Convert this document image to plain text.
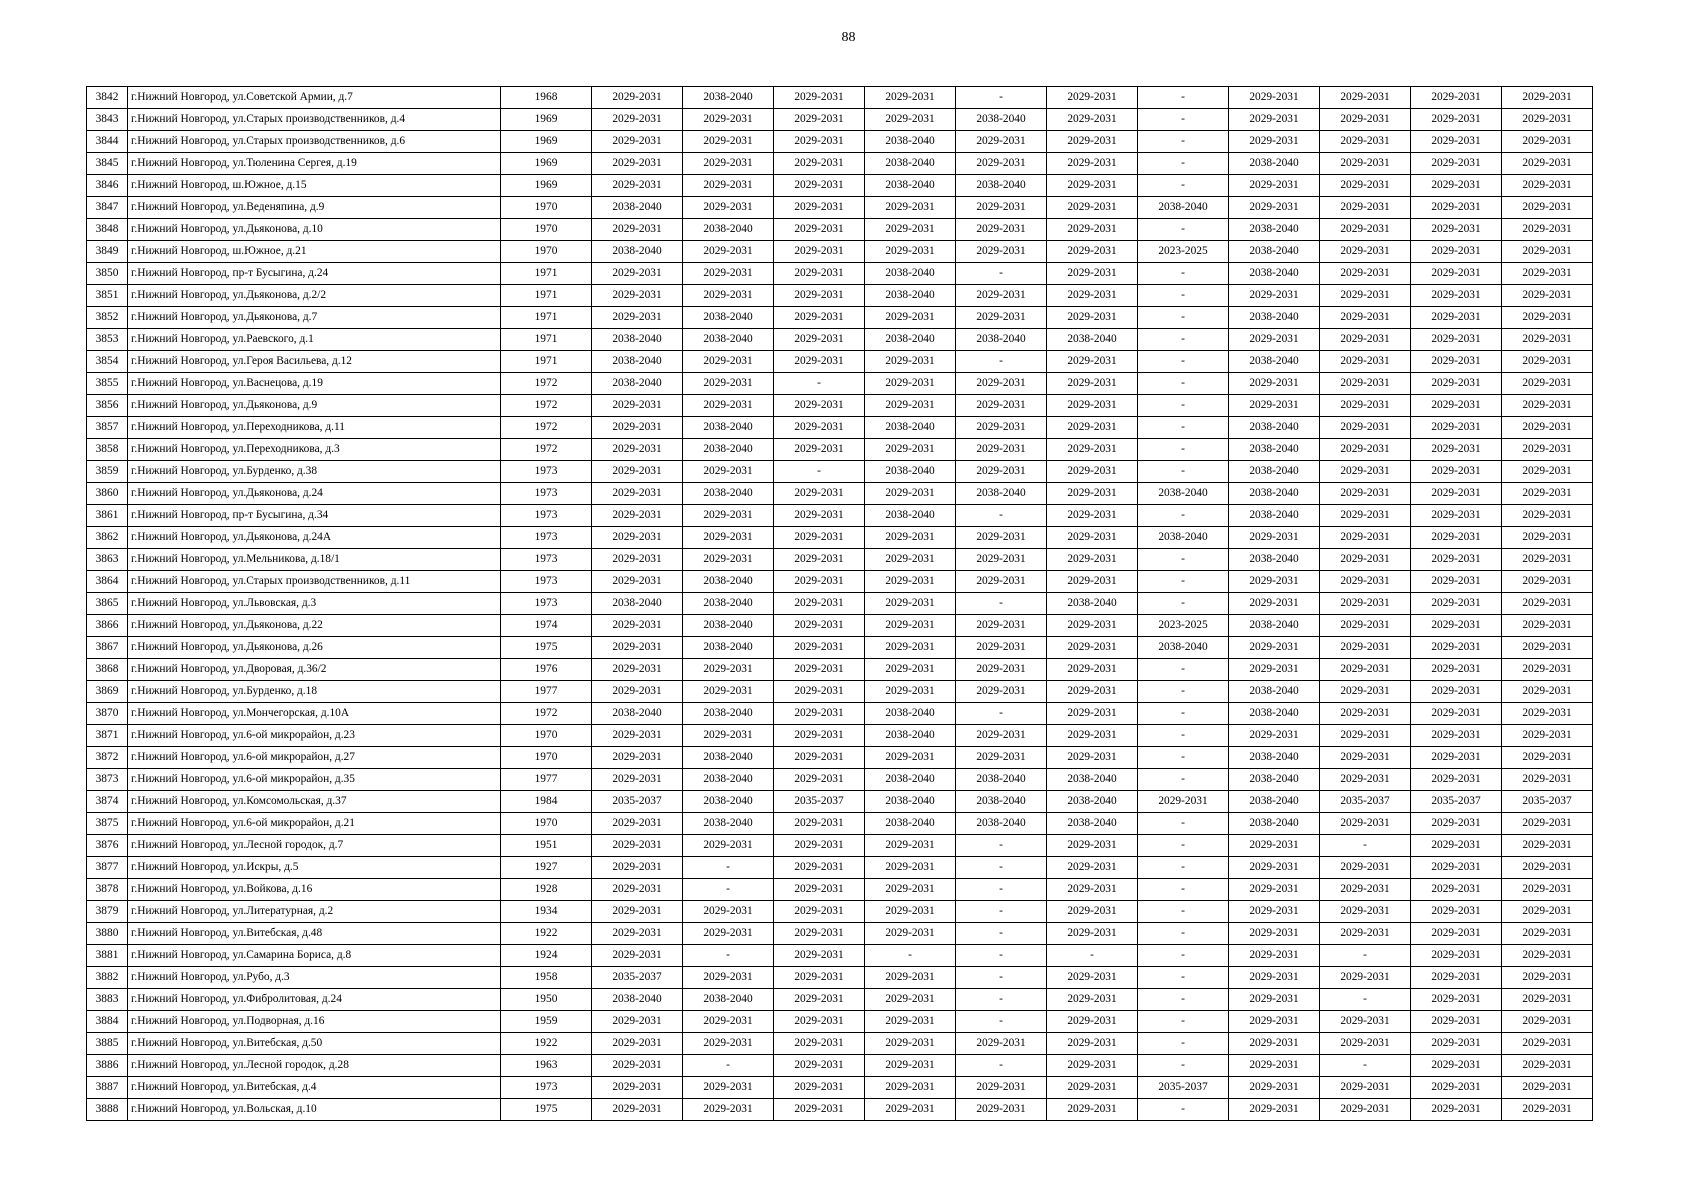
88
3842	г.Нижний Новгород, ул.Советской Армии, д.7	1968	2029-2031	2038-2040	2029-2031	2029-2031	-	2029-2031	-	2029-2031	2029-2031	2029-2031	2029-2031
3843	г.Нижний Новгород, ул.Старых производственников, д.4	1969	2029-2031	2029-2031	2029-2031	2029-2031	2038-2040	2029-2031	-	2029-2031	2029-2031	2029-2031	2029-2031
3844	г.Нижний Новгород, ул.Старых производственников, д.6	1969	2029-2031	2029-2031	2029-2031	2038-2040	2029-2031	2029-2031	-	2029-2031	2029-2031	2029-2031	2029-2031
3845	г.Нижний Новгород, ул.Тюленина Сергея, д.19	1969	2029-2031	2029-2031	2029-2031	2038-2040	2029-2031	2029-2031	-	2038-2040	2029-2031	2029-2031	2029-2031
3846	г.Нижний Новгород, ш.Южное, д.15	1969	2029-2031	2029-2031	2029-2031	2038-2040	2038-2040	2029-2031	-	2029-2031	2029-2031	2029-2031	2029-2031
3847	г.Нижний Новгород, ул.Веденяпина, д.9	1970	2038-2040	2029-2031	2029-2031	2029-2031	2029-2031	2029-2031	2038-2040	2029-2031	2029-2031	2029-2031	2029-2031
3848	г.Нижний Новгород, ул.Дьяконова, д.10	1970	2029-2031	2038-2040	2029-2031	2029-2031	2029-2031	2029-2031	-	2038-2040	2029-2031	2029-2031	2029-2031
3849	г.Нижний Новгород, ш.Южное, д.21	1970	2038-2040	2029-2031	2029-2031	2029-2031	2029-2031	2029-2031	2023-2025	2038-2040	2029-2031	2029-2031	2029-2031
3850	г.Нижний Новгород, пр-т Бусыгина, д.24	1971	2029-2031	2029-2031	2029-2031	2038-2040	-	2029-2031	-	2038-2040	2029-2031	2029-2031	2029-2031
3851	г.Нижний Новгород, ул.Дьяконова, д.2/2	1971	2029-2031	2029-2031	2029-2031	2038-2040	2029-2031	2029-2031	-	2029-2031	2029-2031	2029-2031	2029-2031
3852	г.Нижний Новгород, ул.Дьяконова, д.7	1971	2029-2031	2038-2040	2029-2031	2029-2031	2029-2031	2029-2031	-	2038-2040	2029-2031	2029-2031	2029-2031
3853	г.Нижний Новгород, ул.Раевского, д.1	1971	2038-2040	2038-2040	2029-2031	2038-2040	2038-2040	2038-2040	-	2029-2031	2029-2031	2029-2031	2029-2031
3854	г.Нижний Новгород, ул.Героя Васильева, д.12	1971	2038-2040	2029-2031	2029-2031	2029-2031	-	2029-2031	-	2038-2040	2029-2031	2029-2031	2029-2031
3855	г.Нижний Новгород, ул.Васнецова, д.19	1972	2038-2040	2029-2031	-	2029-2031	2029-2031	2029-2031	-	2029-2031	2029-2031	2029-2031	2029-2031
3856	г.Нижний Новгород, ул.Дьяконова, д.9	1972	2029-2031	2029-2031	2029-2031	2029-2031	2029-2031	2029-2031	-	2029-2031	2029-2031	2029-2031	2029-2031
3857	г.Нижний Новгород, ул.Переходникова, д.11	1972	2029-2031	2038-2040	2029-2031	2038-2040	2029-2031	2029-2031	-	2038-2040	2029-2031	2029-2031	2029-2031
3858	г.Нижний Новгород, ул.Переходникова, д.3	1972	2029-2031	2038-2040	2029-2031	2029-2031	2029-2031	2029-2031	-	2038-2040	2029-2031	2029-2031	2029-2031
3859	г.Нижний Новгород, ул.Бурденко, д.38	1973	2029-2031	2029-2031	-	2038-2040	2029-2031	2029-2031	-	2038-2040	2029-2031	2029-2031	2029-2031
3860	г.Нижний Новгород, ул.Дьяконова, д.24	1973	2029-2031	2038-2040	2029-2031	2029-2031	2038-2040	2029-2031	2038-2040	2038-2040	2029-2031	2029-2031	2029-2031
3861	г.Нижний Новгород, пр-т Бусыгина, д.34	1973	2029-2031	2029-2031	2029-2031	2038-2040	-	2029-2031	-	2038-2040	2029-2031	2029-2031	2029-2031
3862	г.Нижний Новгород, ул.Дьяконова, д.24А	1973	2029-2031	2029-2031	2029-2031	2029-2031	2029-2031	2029-2031	2038-2040	2029-2031	2029-2031	2029-2031	2029-2031
3863	г.Нижний Новгород, ул.Мельникова, д.18/1	1973	2029-2031	2029-2031	2029-2031	2029-2031	2029-2031	2029-2031	-	2038-2040	2029-2031	2029-2031	2029-2031
3864	г.Нижний Новгород, ул.Старых производственников, д.11	1973	2029-2031	2038-2040	2029-2031	2029-2031	2029-2031	2029-2031	-	2029-2031	2029-2031	2029-2031	2029-2031
3865	г.Нижний Новгород, ул.Львовская, д.3	1973	2038-2040	2038-2040	2029-2031	2029-2031	-	2038-2040	-	2029-2031	2029-2031	2029-2031	2029-2031
3866	г.Нижний Новгород, ул.Дьяконова, д.22	1974	2029-2031	2038-2040	2029-2031	2029-2031	2029-2031	2029-2031	2023-2025	2038-2040	2029-2031	2029-2031	2029-2031
3867	г.Нижний Новгород, ул.Дьяконова, д.26	1975	2029-2031	2038-2040	2029-2031	2029-2031	2029-2031	2029-2031	2038-2040	2029-2031	2029-2031	2029-2031	2029-2031
3868	г.Нижний Новгород, ул.Дворовая, д.36/2	1976	2029-2031	2029-2031	2029-2031	2029-2031	2029-2031	2029-2031	-	2029-2031	2029-2031	2029-2031	2029-2031
3869	г.Нижний Новгород, ул.Бурденко, д.18	1977	2029-2031	2029-2031	2029-2031	2029-2031	2029-2031	2029-2031	-	2038-2040	2029-2031	2029-2031	2029-2031
3870	г.Нижний Новгород, ул.Мончегорская, д.10А	1972	2038-2040	2038-2040	2029-2031	2038-2040	-	2029-2031	-	2038-2040	2029-2031	2029-2031	2029-2031
3871	г.Нижний Новгород, ул.6-ой микрорайон, д.23	1970	2029-2031	2029-2031	2029-2031	2038-2040	2029-2031	2029-2031	-	2029-2031	2029-2031	2029-2031	2029-2031
3872	г.Нижний Новгород, ул.6-ой микрорайон, д.27	1970	2029-2031	2038-2040	2029-2031	2029-2031	2029-2031	2029-2031	-	2038-2040	2029-2031	2029-2031	2029-2031
3873	г.Нижний Новгород, ул.6-ой микрорайон, д.35	1977	2029-2031	2038-2040	2029-2031	2038-2040	2038-2040	2038-2040	-	2038-2040	2029-2031	2029-2031	2029-2031
3874	г.Нижний Новгород, ул.Комсомольская, д.37	1984	2035-2037	2038-2040	2035-2037	2038-2040	2038-2040	2038-2040	2029-2031	2038-2040	2035-2037	2035-2037	2035-2037
3875	г.Нижний Новгород, ул.6-ой микрорайон, д.21	1970	2029-2031	2038-2040	2029-2031	2038-2040	2038-2040	2038-2040	-	2038-2040	2029-2031	2029-2031	2029-2031
3876	г.Нижний Новгород, ул.Лесной городок, д.7	1951	2029-2031	2029-2031	2029-2031	2029-2031	-	2029-2031	-	2029-2031	-	2029-2031	2029-2031
3877	г.Нижний Новгород, ул.Искры, д.5	1927	2029-2031	-	2029-2031	2029-2031	-	2029-2031	-	2029-2031	2029-2031	2029-2031	2029-2031
3878	г.Нижний Новгород, ул.Войкова, д.16	1928	2029-2031	-	2029-2031	2029-2031	-	2029-2031	-	2029-2031	2029-2031	2029-2031	2029-2031
3879	г.Нижний Новгород, ул.Литературная, д.2	1934	2029-2031	2029-2031	2029-2031	2029-2031	-	2029-2031	-	2029-2031	2029-2031	2029-2031	2029-2031
3880	г.Нижний Новгород, ул.Витебская, д.48	1922	2029-2031	2029-2031	2029-2031	2029-2031	-	2029-2031	-	2029-2031	2029-2031	2029-2031	2029-2031
3881	г.Нижний Новгород, ул.Самарина Бориса, д.8	1924	2029-2031	-	2029-2031	-	-	-	-	2029-2031	-	2029-2031	2029-2031
3882	г.Нижний Новгород, ул.Рубо, д.3	1958	2035-2037	2029-2031	2029-2031	2029-2031	-	2029-2031	-	2029-2031	2029-2031	2029-2031	2029-2031
3883	г.Нижний Новгород, ул.Фибролитовая, д.24	1950	2038-2040	2038-2040	2029-2031	2029-2031	-	2029-2031	-	2029-2031	-	2029-2031	2029-2031
3884	г.Нижний Новгород, ул.Подворная, д.16	1959	2029-2031	2029-2031	2029-2031	2029-2031	-	2029-2031	-	2029-2031	2029-2031	2029-2031	2029-2031
3885	г.Нижний Новгород, ул.Витебская, д.50	1922	2029-2031	2029-2031	2029-2031	2029-2031	2029-2031	2029-2031	-	2029-2031	2029-2031	2029-2031	2029-2031
3886	г.Нижний Новгород, ул.Лесной городок, д.28	1963	2029-2031	-	2029-2031	2029-2031	-	2029-2031	-	2029-2031	-	2029-2031	2029-2031
3887	г.Нижний Новгород, ул.Витебская, д.4	1973	2029-2031	2029-2031	2029-2031	2029-2031	2029-2031	2029-2031	2035-2037	2029-2031	2029-2031	2029-2031	2029-2031
3888	г.Нижний Новгород, ул.Вольская, д.10	1975	2029-2031	2029-2031	2029-2031	2029-2031	2029-2031	2029-2031	-	2029-2031	2029-2031	2029-2031	2029-2031
